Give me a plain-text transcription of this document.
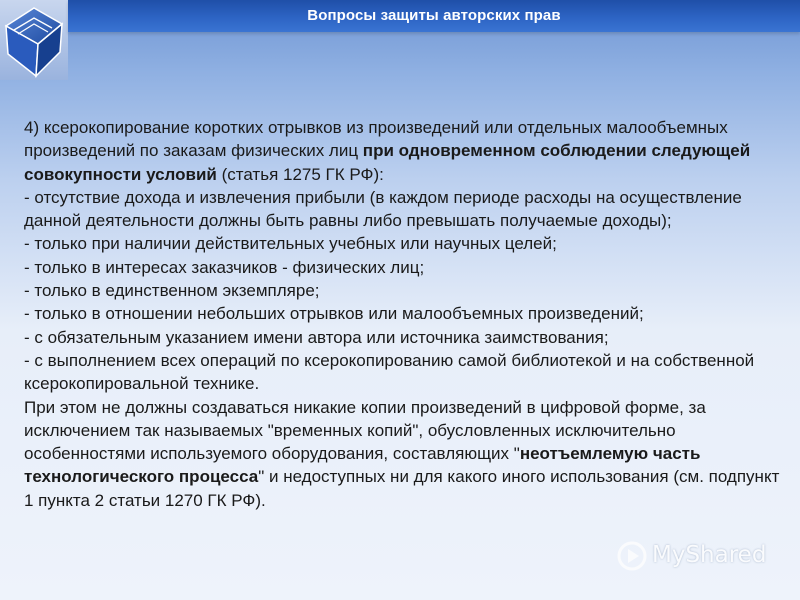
Вопросы защиты авторских прав

4) ксерокопирование коротких отрывков из произведений или отдельных малообъемных произведений по заказам физических лиц при одновременном соблюдении следующей совокупности условий (статья 1275 ГК РФ):

- отсутствие дохода и извлечения прибыли (в каждом периоде расходы на осуществление данной деятельности должны быть равны либо превышать получаемые доходы);
- только при наличии действительных учебных или научных целей;
- только в интересах заказчиков - физических лиц;
- только в единственном экземпляре;
- только в отношении небольших отрывков или малообъемных произведений;
- с обязательным указанием имени автора или источника заимствования;
- с выполнением всех операций по ксерокопированию самой библиотекой и на собственной ксерокопировальной технике.

При этом не должны создаваться никакие копии произведений в цифровой форме, за исключением так называемых "временных копий", обусловленных исключительно особенностями используемого оборудования, составляющих "неотъемлемую часть технологического процесса" и недоступных ни для какого иного использования (см. подпункт 1 пункта 2 статьи 1270 ГК РФ).

MyShared
